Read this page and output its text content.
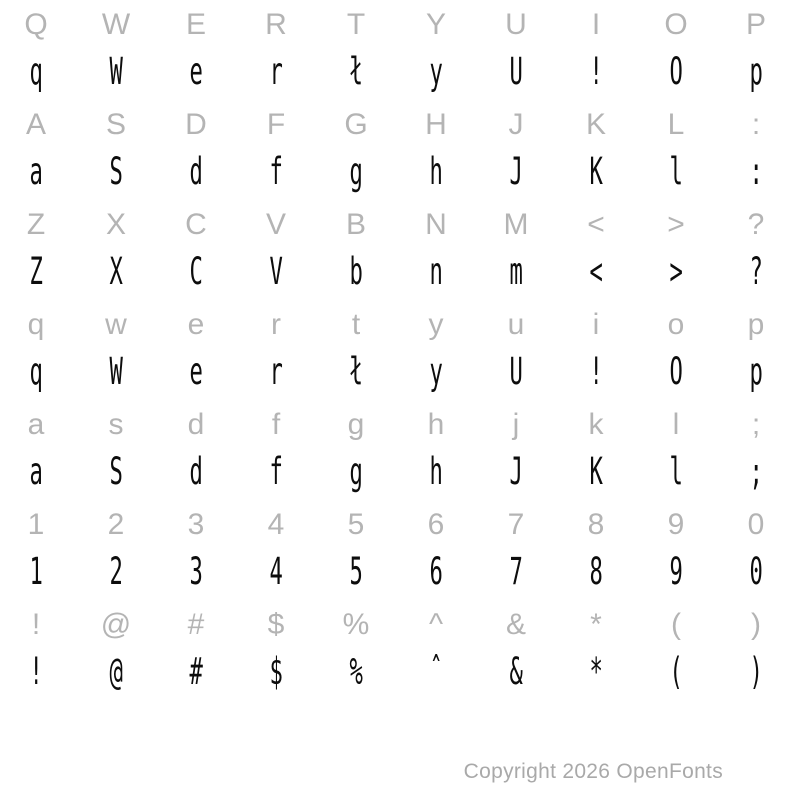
Q	W	E	R	T	Y	U	I	O	P
q	W	e	r	ł	y	U	!	O	p
A	S	D	F	G	H	J	K	L	:
a	S	d	f	g	h	J	K	l	:
Z	X	C	V	B	N	M	<	>	?
Z	X	C	V	b	n	m	<	>	?
q	w	e	r	t	y	u	i	o	p
q	W	e	r	ł	y	U	!	O	p
a	s	d	f	g	h	j	k	l	;
a	S	d	f	g	h	J	K	l	;
1	2	3	4	5	6	7	8	9	0
1	2	3	4	5	6	7	8	9	0
!	@	#	$	%	^	&	*	(	)
!	@	#	$	%	ˆ	&	*	(	)
Copyright 2026 OpenFonts
